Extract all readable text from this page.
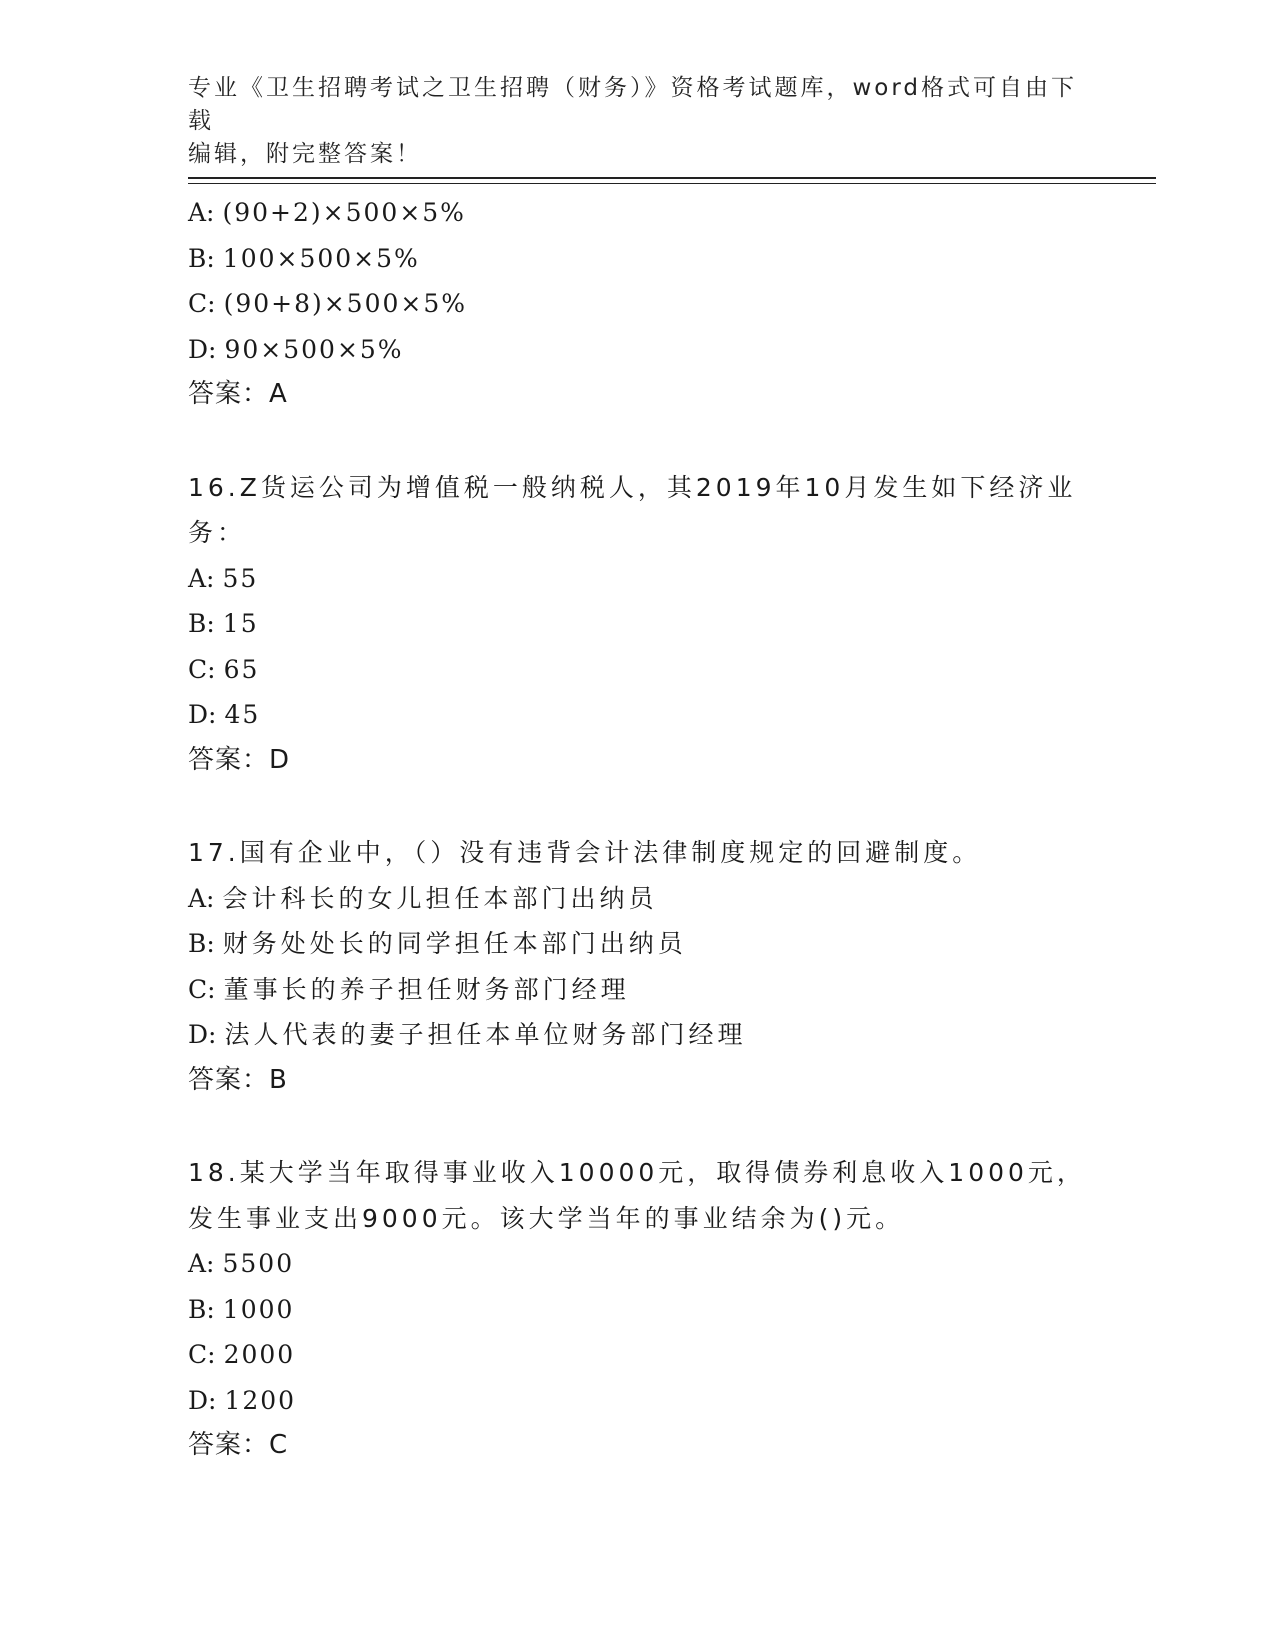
专业《卫生招聘考试之卫生招聘（财务）》资格考试题库，word格式可自由下载
编辑，附完整答案！
A: (90+2)×500×5%
B: 100×500×5%
C: (90+8)×500×5%
D: 90×500×5%
答案：A
16.Z货运公司为增值税一般纳税人，其2019年10月发生如下经济业
务：
A: 55
B: 15
C: 65
D: 45
答案：D
17.国有企业中，（）没有违背会计法律制度规定的回避制度。
A: 会计科长的女儿担任本部门出纳员
B: 财务处处长的同学担任本部门出纳员
C: 董事长的养子担任财务部门经理
D: 法人代表的妻子担任本单位财务部门经理
答案：B
18.某大学当年取得事业收入10000元，取得债券利息收入1000元，
发生事业支出9000元。该大学当年的事业结余为()元。
A: 5500
B: 1000
C: 2000
D: 1200
答案：C
